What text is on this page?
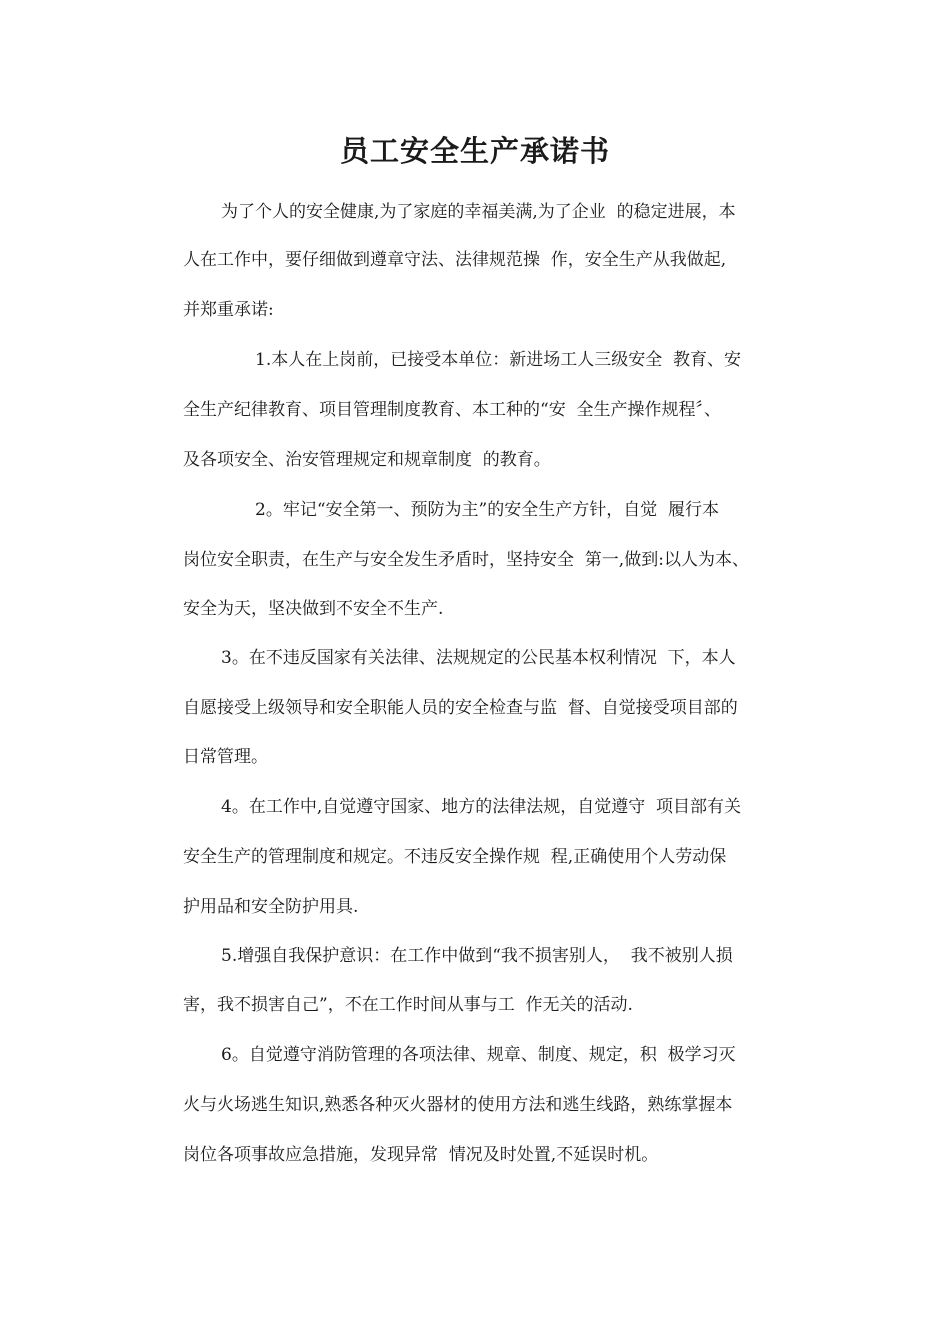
员工安全生产承诺书
为了个人的安全健康,为了家庭的幸福美满,为了企业  的稳定进展，本
人在工作中，要仔细做到遵章守法、法律规范操  作，安全生产从我做起,
并郑重承诺:
1.本人在上岗前，已接受本单位：新进场工人三级安全  教育、安
全生产纪律教育、项目管理制度教育、本工种的“安  全生产操作规程〞、
及各项安全、治安管理规定和规章制度  的教育。
2。牢记“安全第一、预防为主”的安全生产方针，自觉  履行本
岗位安全职责，在生产与安全发生矛盾时，坚持安全  第一,做到:以人为本、
安全为天，坚决做到不安全不生产.
3。在不违反国家有关法律、法规规定的公民基本权利情况  下，本人
自愿接受上级领导和安全职能人员的安全检查与监  督、自觉接受项目部的
日常管理。
4。在工作中,自觉遵守国家、地方的法律法规，自觉遵守  项目部有关
安全生产的管理制度和规定。不违反安全操作规  程,正确使用个人劳动保
护用品和安全防护用具.
5.增强自我保护意识：在工作中做到“我不损害别人，  我不被别人损
害，我不损害自己”，不在工作时间从事与工  作无关的活动.
6。自觉遵守消防管理的各项法律、规章、制度、规定，积  极学习灭
火与火场逃生知识,熟悉各种灭火器材的使用方法和逃生线路，熟练掌握本
岗位各项事故应急措施，发现异常  情况及时处置,不延误时机。
